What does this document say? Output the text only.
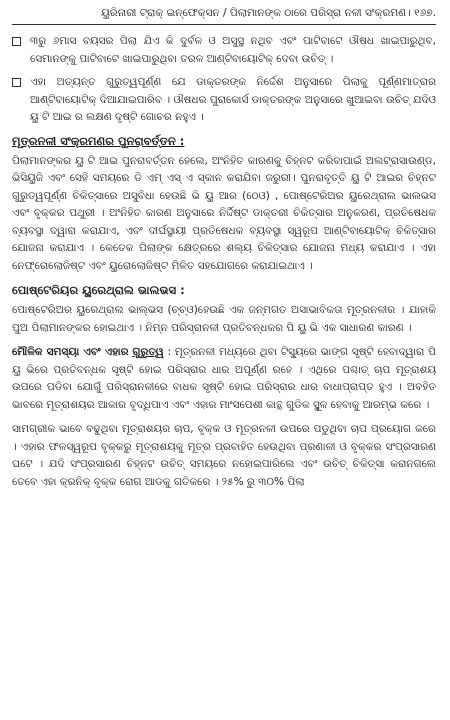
ୟୁରିନାରୀ ଟ୍ରାକ୍ ଇନ୍‌ଫେକ୍ସନ / ପିଲାମାନଙ୍କ ଠାରେ ପରିସ୍ରା ନଳୀ ସଂକ୍ରମଣ। ୧୬୭.

୩ରୁ ୬ମାସ ବୟସର ପିଲା ଯିଏ କି ଦୁର୍ବଳ ଓ ଅସୁସ୍ଥ ନଥିବ ଏବଂ ପାଟିବାଟେ ଔଷଧ ଖାଇପାରୁଥିବ, ସେମାନଙ୍କୁ ପାଟିବାଟେ ଖାଇପାରୁଥିବା ତରଳ ଆଣ୍ଟିବାୟୋଟିକ୍ ଦେବା ଉଚିତ୍ ।

ଏହା ଅତ୍ୟନ୍ତ ଗୁରୁତ୍ୱପୂର୍ଣ୍ଣ ଯେ ଡାକ୍ତରଙ୍କ ନିର୍ଦ୍ଦେଶ ଅନୁସାରେ ପିଲାକୁ ପୂର୍ଣ୍ଣମାତ୍ରାର ଆଣ୍ଟିବାୟୋଟିକ୍ ଦିଆଯାଇପାରିବ । ଔଷଧର ପୁରାକୋର୍ସ ଡାକ୍ତରଙ୍କ ଅନୁସାରେ ଖୁଆଇବା ଉଚିତ୍ ଯଦିଓ ୟୁ ଟି ଆଇ ର ଲକ୍ଷଣ ଦୃଷ୍ଟି ଗୋଚର ନହୁଏ ।

ମୂତ୍ରନଳୀ ସଂକ୍ରମଣର ପୁନରାବର୍ତ୍ତନ :

ପିଲାମାନଙ୍କର ୟୁ ଟି ଆଇ ପୁନରାବର୍ତ୍ତନ ହେଲେ, ଅଂନିହିତ କାରଣକୁ ଚିହ୍ନଟ କରିବାପାଇଁ ଅଲଟ୍ରାସାଉଣ୍ଡ, ଭିସିୟୁଜି ଏବଂ ସେହି ସମୟରେ ଡି ଏମ୍ ଏସ୍ ଏ ସ୍କାନ କରାଯିବା ଜରୁରୀ। ପୁନରାବୃତ୍ତି ୟୁ ଟି ଆଇର ଚିହ୍ନଟ ଗୁରୁତ୍ୱପୂର୍ଣ୍ଣ ଚିକିତ୍ସାରେ ଅସୁବିଧା ହେଉଛି ଭି ୟୁ ଆର (ଠେଓ) , ପୋଷ୍ଟେରିଅର ୟୁରେଥ୍ରାଲ ଭାଲଭସ ଏବଂ ବୃକ୍କର ପଥୁରୀ । ଅଂନିହିତ କାରଣ ଅନୁସାରେ ନିର୍ଦ୍ଦିଷ୍ଟ ଡାକ୍ତରୀ ଚିକିତ୍ସାର ଅନୁକରଣ, ପ୍ରତିଷେଧକ ବ୍ୟବସ୍ଥା ଦ୍ୱାରା କରାଯାଏ, ଏବଂ ଦୀର୍ଘସ୍ଥାୟୀ ପ୍ରତିଷେଧକ ବ୍ୟବସ୍ଥା ସ୍ୱରୂପ ଆଣ୍ଟିବାୟୋଟିକ୍ ଚିକିତ୍ସାର ଯୋଜନା କରାଯାଏ । କେତେକ ପିଲାଙ୍କ କ୍ଷେତ୍ରରେ ଶଲ୍ୟ ଚିକିତ୍ସାର ଯୋଜନା ମଧ୍ୟ କରାଯାଏ । ଏହା ନେଫ୍ରୋଲୋଜିଷ୍ଟ ଏବଂ ୟୁରୋଲୋଜିଷ୍ଟ ମିଳିତ ସହଯୋଗରେ କରାଯାଇଥାଏ ।

ପୋଷ୍ଟେରିୟର ୟୁରେଥ୍ରାଲ ଭାଲଭସ :

ପୋଷ୍ଟେରିଅର ୟୁରେଥ୍ରାଲ ଭାଲ୍‌ଭସ (ଚ୍‌ଚ୍‌ଓ)ହେଉଛି ଏକ ଜନ୍ମଗତ ଅସାଭାବିକତା ମୂତ୍ରନଳୀର । ଯାହାକି ପୁଅ ପିଲାମାନଙ୍କର ହୋଇଥାଏ । ନିମ୍ନ ପରିସ୍ରାନଳୀ ପ୍ରତିବନ୍ଧକର ପି ୟୁ ଭି ଏକ ସାଧାରଣ କାରଣ ।

ମୌଳିକ ସମସ୍ୟା ଏବଂ ଏହାର ଗୁରୁତ୍ୱ : ମୂତ୍ରନଳୀ ମଧ୍ୟରେ ଥିବା ଟିସ୍ୟୁରେ ଭାଙ୍ଗ ସୃଷ୍ଟି ହେବାଦ୍ୱାରା ପି ୟୁ ଭିରେ ପ୍ରତିବନ୍ଧକ ସୃଷ୍ଟି ହୋଇ ପରିସ୍ରାର ଧାର ଅପୂର୍ଣ୍ଣ ରହେ । ଏଥିରେ ପଶ୍ଚାତ୍ ଚାପ ମୂତ୍ରାଶୟ ଉପରେ ପଡିବା ଯୋଗୁଁ ପରିସ୍ରାନଳୀରେ ବାଧକ ସୃଷ୍ଟି ହୋଇ ପରିସ୍ରାର ଧାର ବାଧାପ୍ରାପ୍ତ ହୁଏ । ଅବହିତ ଭାବରେ ମୂତ୍ରାଶୟର ଆକାର ବୃଦ୍ଧିପାଏ ଏବଂ ଏହାର ମାଂସପେଶୀ କାନ୍ଥ ଗୁଡିକ ସ୍ଥୂଳ ହେବାକୁ ଆରମ୍ଭ କରେ ।

ସାମଗ୍ରୀକ ଭାବେ ବଢୁଥିବା ମୂତ୍ରାଶୟର ଚାପ, ବୃକ୍କ ଓ ମୂତ୍ରନଳୀ ଉପରେ ପଡୁଥିବା ଚାପ ପ୍ରୟୋଗ କରେ । ଏହାର ଫଳସ୍ୱରୂପ ବୃକ୍କରୁ ମୂତ୍ରାଶୟକୁ ମୂତ୍ର ପ୍ରବାହିତ ହେଉଥିବା ପ୍ରଣାଳୀ ଓ ବୃକ୍କର ସଂପ୍ରସାରଣ ଘଟେ । ଯଦି ସଂପ୍ରସାରଣ ଚିହ୍ନଟ ଉଚିତ୍ ସମୟରେ ନହୋଇପାରିଲେ ଏବଂ ଉଚିତ୍ ଚିକିତ୍ସା କରାନଗଲେ ତେବେ ଏହା କ୍ରନିକ୍ ବୃକ୍କ ରୋଗ ଆଡକୁ ଗତିକରେ । ୨୫% ରୁ ୩୦% ପିଲା
